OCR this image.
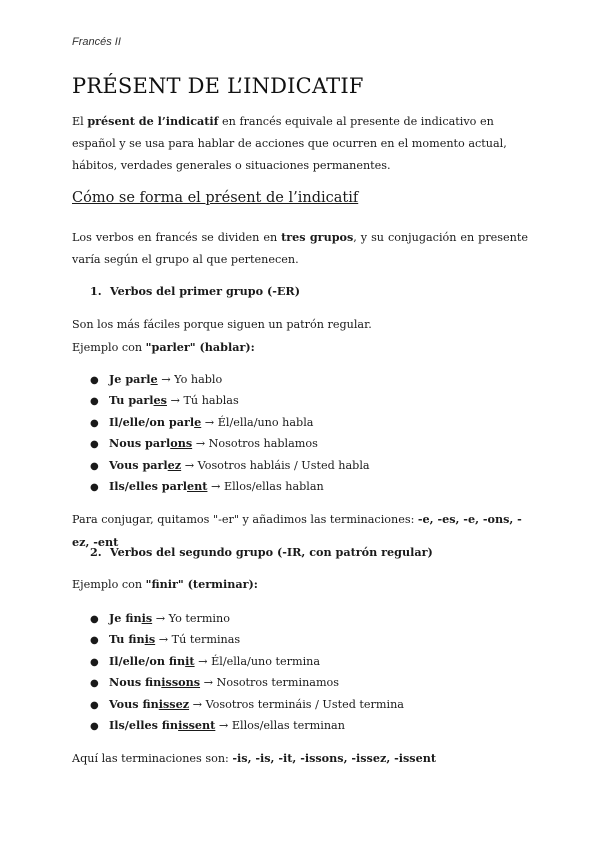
Francés II
PRÉSENT DE L’INDICATIF

El présent de l’indicatif en francés equivale al presente de indicativo en español y se usa para hablar de acciones que ocurren en el momento actual, hábitos, verdades generales o situaciones permanentes.

Cómo se forma el présent de l’indicatif

Los verbos en francés se dividen en tres grupos, y su conjugación en presente varía según el grupo al que pertenecen.

1. Verbos del primer grupo (-ER)

Son los más fáciles porque siguen un patrón regular.
Ejemplo con "parler" (hablar):

● Je parle → Yo hablo
● Tu parles → Tú hablas
● Il/elle/on parle → Él/ella/uno habla
● Nous parlons → Nosotros hablamos
● Vous parlez → Vosotros habláis / Usted habla
● Ils/elles parlent → Ellos/ellas hablan

Para conjugar, quitamos "-er" y añadimos las terminaciones: -e, -es, -e, -ons, -ez, -ent

2. Verbos del segundo grupo (-IR, con patrón regular)

Ejemplo con "finir" (terminar):

● Je finis → Yo termino
● Tu finis → Tú terminas
● Il/elle/on finit → Él/ella/uno termina
● Nous finissons → Nosotros terminamos
● Vous finissez → Vosotros termináis / Usted termina
● Ils/elles finissent → Ellos/ellas terminan

Aquí las terminaciones son: -is, -is, -it, -issons, -issez, -issent
